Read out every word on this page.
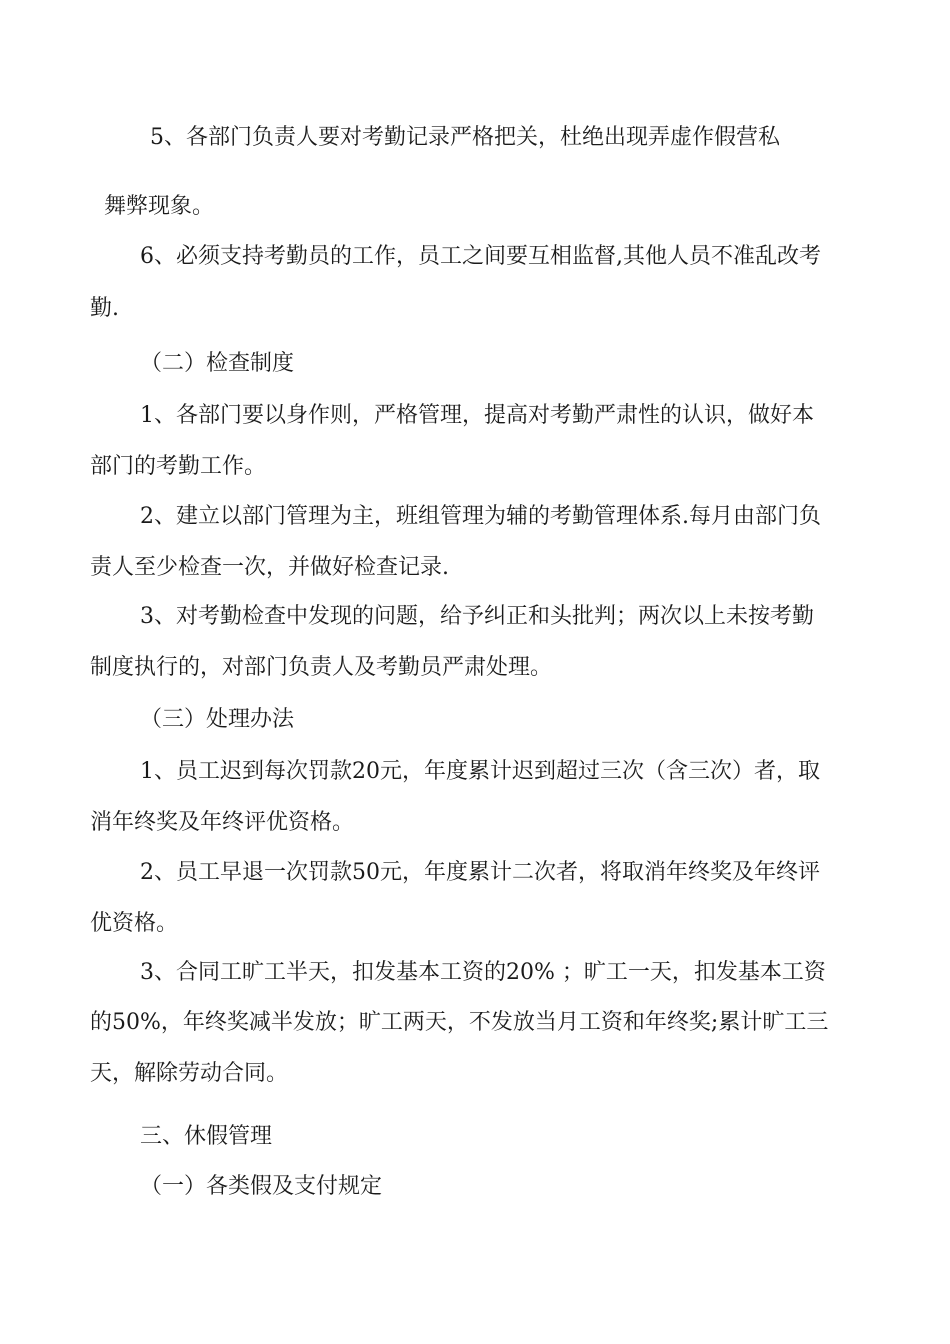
5、各部门负责人要对考勤记录严格把关，杜绝出现弄虚作假营私
舞弊现象。
6、必须支持考勤员的工作，员工之间要互相监督,其他人员不准乱改考
勤.
（二）检查制度
1、各部门要以身作则，严格管理，提高对考勤严肃性的认识，做好本
部门的考勤工作。
2、建立以部门管理为主，班组管理为辅的考勤管理体系.每月由部门负
责人至少检查一次，并做好检查记录.
3、对考勤检查中发现的问题，给予纠正和头批判；两次以上未按考勤
制度执行的，对部门负责人及考勤员严肃处理。
（三）处理办法
1、员工迟到每次罚款20元，年度累计迟到超过三次（含三次）者，取
消年终奖及年终评优资格。
2、员工早退一次罚款50元，年度累计二次者，将取消年终奖及年终评
优资格。
3、合同工旷工半天，扣发基本工资的20% ；旷工一天，扣发基本工资
的50%，年终奖减半发放；旷工两天，不发放当月工资和年终奖;累计旷工三
天，解除劳动合同。
三、休假管理
（一）各类假及支付规定
